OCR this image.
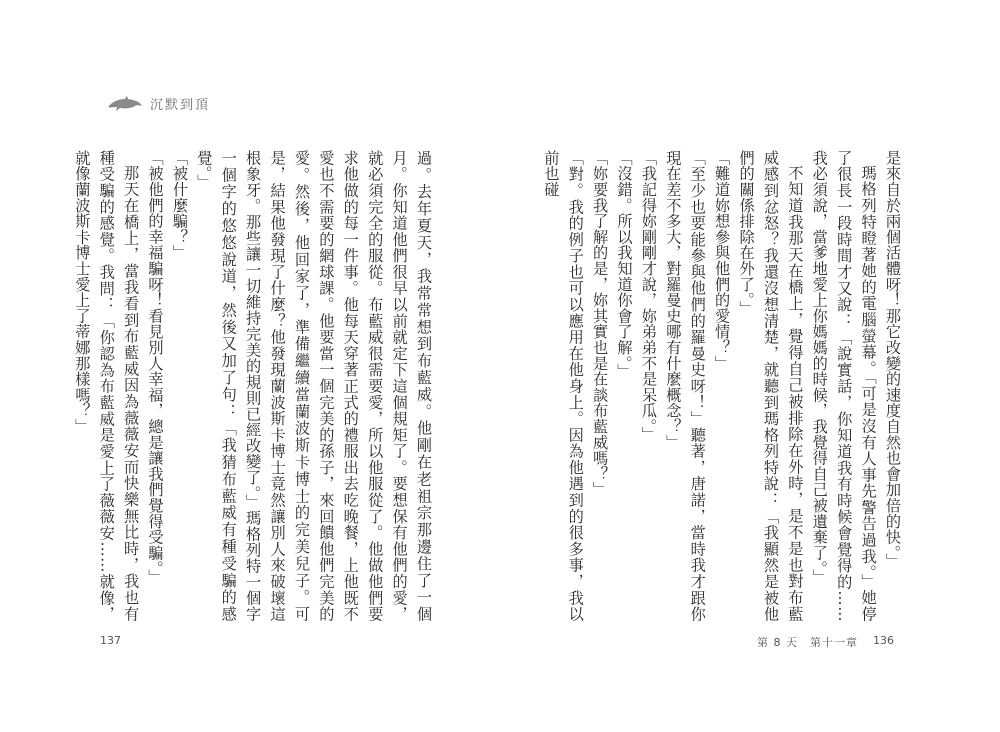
沉默到頂

過。去年夏天，我常常想到布藍威。他剛在老祖宗那邊住了一個月。你知道他們很早以前就定下這個規矩了。要想保有他們的愛，就必須完全的服從。布藍威很需要愛，所以他服從了。他做他們要求他做的每一件事。他每天穿著正式的禮服出去吃晚餐，上他既不愛也不需要的網球課。他要當一個完美的孫子，來回饋他們完美的愛。然後，他回家了，準備繼續當蘭波斯卡博士的完美兒子。可是，結果他發現了什麼？他發現蘭波斯卡博士竟然讓別人來破壞這根象牙。那些讓一切維持完美的規則已經改變了。」瑪格列特一個字一個字的悠悠說道，然後又加了句：「我猜布藍威有種受騙的感覺。」

「被什麼騙？」

「被他們的幸福騙呀！看見別人幸福，總是讓我們覺得受騙。」

那天在橋上，當我看到布藍威因為薇薇安而快樂無比時，我也有種受騙的感覺。我問：「你認為布藍威是愛上了薇薇安……就像，就像蘭波斯卡博士愛上了蒂娜那樣嗎？」	是來自於兩個活體呀！那它改變的速度自然也會加倍的快。」

瑪格列特瞪著她的電腦螢幕。「可是沒有人事先警告過我。」她停了很長一段時間才又說：「說實話，你知道我有時候會覺得的……我必須說，當爹地愛上你媽媽的時候，我覺得自己被遺棄了。」

不知道我那天在橋上，覺得自己被排除在外時，是不是也對布藍威感到忿怒？我還沒想清楚，就聽到瑪格列特說：「我顯然是被他們的關係排除在外了。」

「難道妳想參與他們的愛情？」

「至少也要能參與他們的羅曼史呀！」聽著，唐諾，當時我才跟你現在差不多大，對羅曼史哪有什麼概念？」

「我記得妳剛剛才說，妳弟弟不是呆瓜。」

「沒錯。所以我知道你會了解。」

「妳要我了解的是，妳其實也是在談布藍威嗎？」

「對。我的例子也可以應用在他身上。因為他遇到的很多事，我以前也碰

137	第 8 天　第十一章 136
